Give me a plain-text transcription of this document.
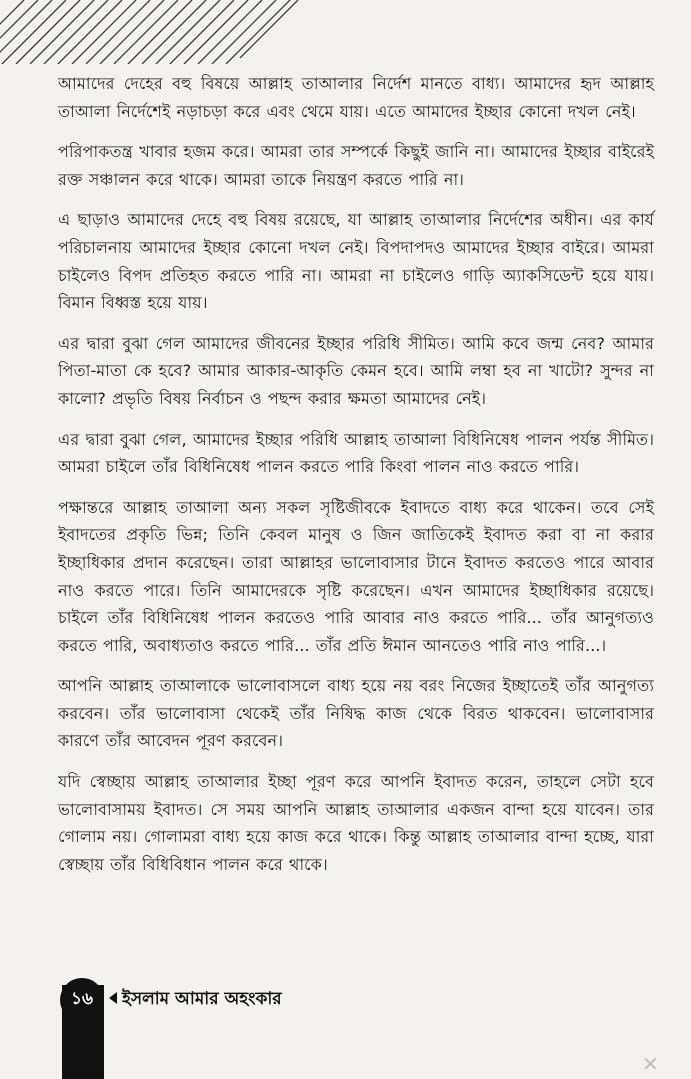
আমাদের দেহের বহু বিষয়ে আল্লাহ তাআলার নির্দেশ মানতে বাধ্য। আমাদের হৃদ আল্লাহ তাআলা নির্দেশেই নড়াচড়া করে এবং থেমে যায়। এতে আমাদের ইচ্ছার কোনো দখল নেই।

পরিপাকতন্ত্র খাবার হজম করে। আমরা তার সম্পর্কে কিছুই জানি না। আমাদের ইচ্ছার বাইরেই রক্ত সঞ্চালন করে থাকে। আমরা তাকে নিয়ন্ত্রণ করতে পারি না।

এ ছাড়াও আমাদের দেহে বহু বিষয় রয়েছে, যা আল্লাহ তাআলার নির্দেশের অধীন। এর কার্য পরিচালনায় আমাদের ইচ্ছার কোনো দখল নেই। বিপদাপদও আমাদের ইচ্ছার বাইরে। আমরা চাইলেও বিপদ প্রতিহত করতে পারি না। আমরা না চাইলেও গাড়ি অ্যাকসিডেন্ট হয়ে যায়। বিমান বিধ্বস্ত হয়ে যায়।

এর দ্বারা বুঝা গেল আমাদের জীবনের ইচ্ছার পরিধি সীমিত। আমি কবে জন্ম নেব? আমার পিতা-মাতা কে হবে? আমার আকার-আকৃতি কেমন হবে। আমি লম্বা হব না খাটো? সুন্দর না কালো? প্রভৃতি বিষয় নির্বাচন ও পছন্দ করার ক্ষমতা আমাদের নেই।

এর দ্বারা বুঝা গেল, আমাদের ইচ্ছার পরিধি আল্লাহ তাআলা বিধিনিষেধ পালন পর্যন্ত সীমিত। আমরা চাইলে তাঁর বিধিনিষেধ পালন করতে পারি কিংবা পালন নাও করতে পারি।

পক্ষান্তরে আল্লাহ তাআলা অন্য সকল সৃষ্টিজীবকে ইবাদতে বাধ্য করে থাকেন। তবে সেই ইবাদতের প্রকৃতি ভিন্ন; তিনি কেবল মানুষ ও জিন জাতিকেই ইবাদত করা বা না করার ইচ্ছাধিকার প্রদান করেছেন। তারা আল্লাহর ভালোবাসার টানে ইবাদত করতেও পারে আবার নাও করতে পারে। তিনি আমাদেরকে সৃষ্টি করেছেন। এখন আমাদের ইচ্ছাধিকার রয়েছে। চাইলে তাঁর বিধিনিষেধ পালন করতেও পারি আবার নাও করতে পারি... তাঁর আনুগত্যও করতে পারি, অবাধ্যতাও করতে পারি... তাঁর প্রতি ঈমান আনতেও পারি নাও পারি...।

আপনি আল্লাহ তাআলাকে ভালোবাসলে বাধ্য হয়ে নয় বরং নিজের ইচ্ছাতেই তাঁর আনুগত্য করবেন। তাঁর ভালোবাসা থেকেই তাঁর নিষিদ্ধ কাজ থেকে বিরত থাকবেন। ভালোবাসার কারণে তাঁর আবেদন পূরণ করবেন।

যদি স্বেচ্ছায় আল্লাহ তাআলার ইচ্ছা পূরণ করে আপনি ইবাদত করেন, তাহলে সেটা হবে ভালোবাসাময় ইবাদত। সে সময় আপনি আল্লাহ তাআলার একজন বান্দা হয়ে যাবেন। তার গোলাম নয়। গোলামরা বাধ্য হয়ে কাজ করে থাকে। কিন্তু আল্লাহ তাআলার বান্দা হচ্ছে, যারা স্বেচ্ছায় তাঁর বিধিবিধান পালন করে থাকে।

১৬	ইসলাম আমার অহংকার
✕
